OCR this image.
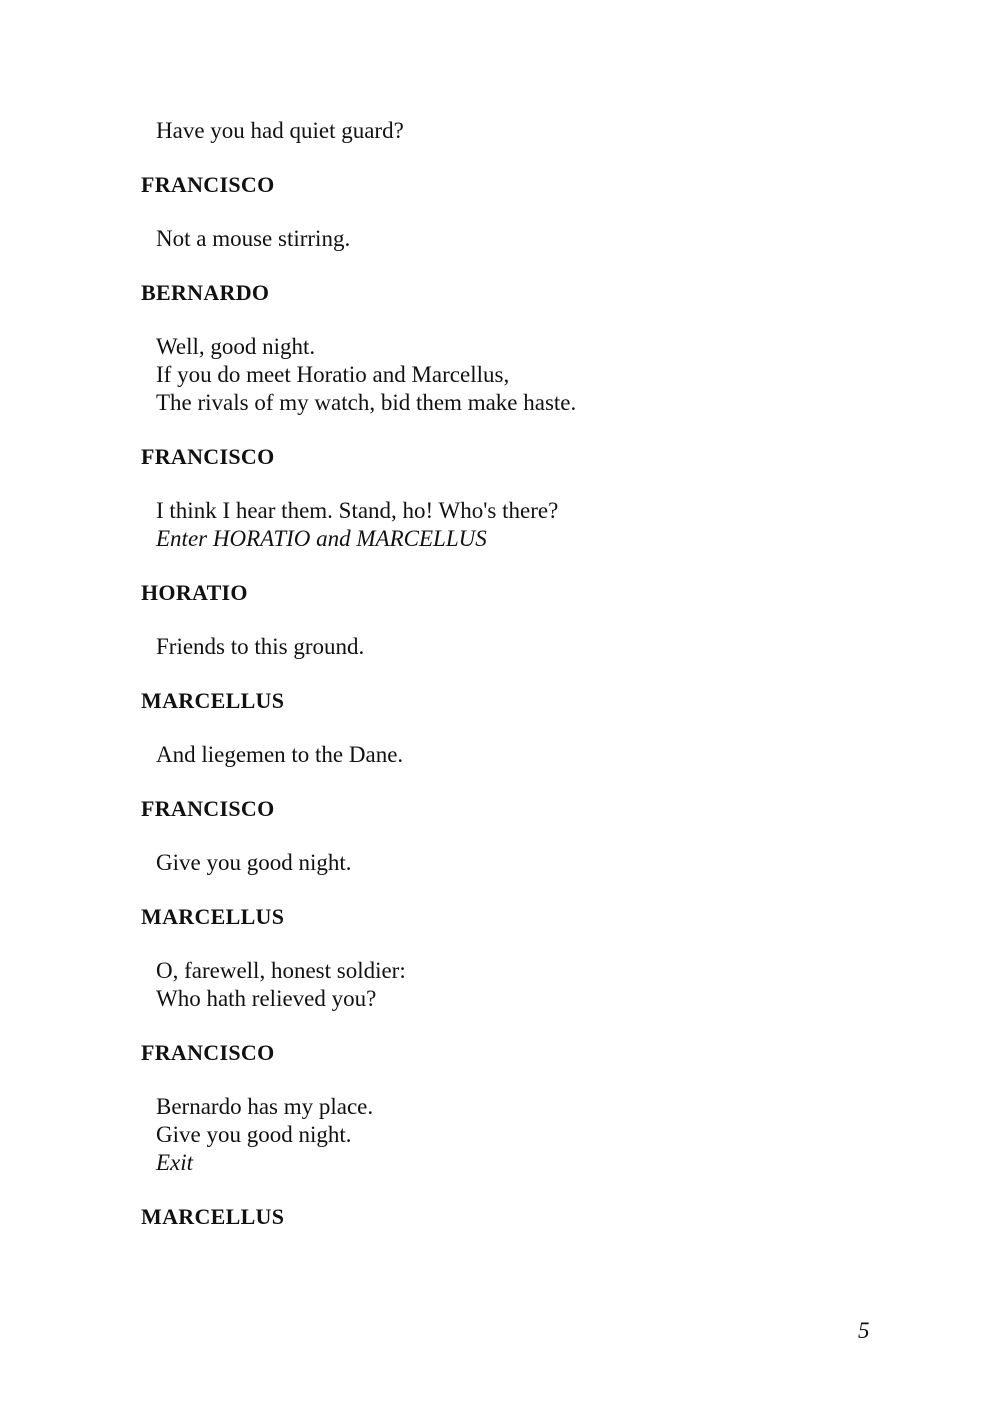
Have you had quiet guard?
FRANCISCO
Not a mouse stirring.
BERNARDO
Well, good night.
If you do meet Horatio and Marcellus,
The rivals of my watch, bid them make haste.
FRANCISCO
I think I hear them. Stand, ho! Who's there?
Enter HORATIO and MARCELLUS
HORATIO
Friends to this ground.
MARCELLUS
And liegemen to the Dane.
FRANCISCO
Give you good night.
MARCELLUS
O, farewell, honest soldier:
Who hath relieved you?
FRANCISCO
Bernardo has my place.
Give you good night.
Exit
MARCELLUS
5
